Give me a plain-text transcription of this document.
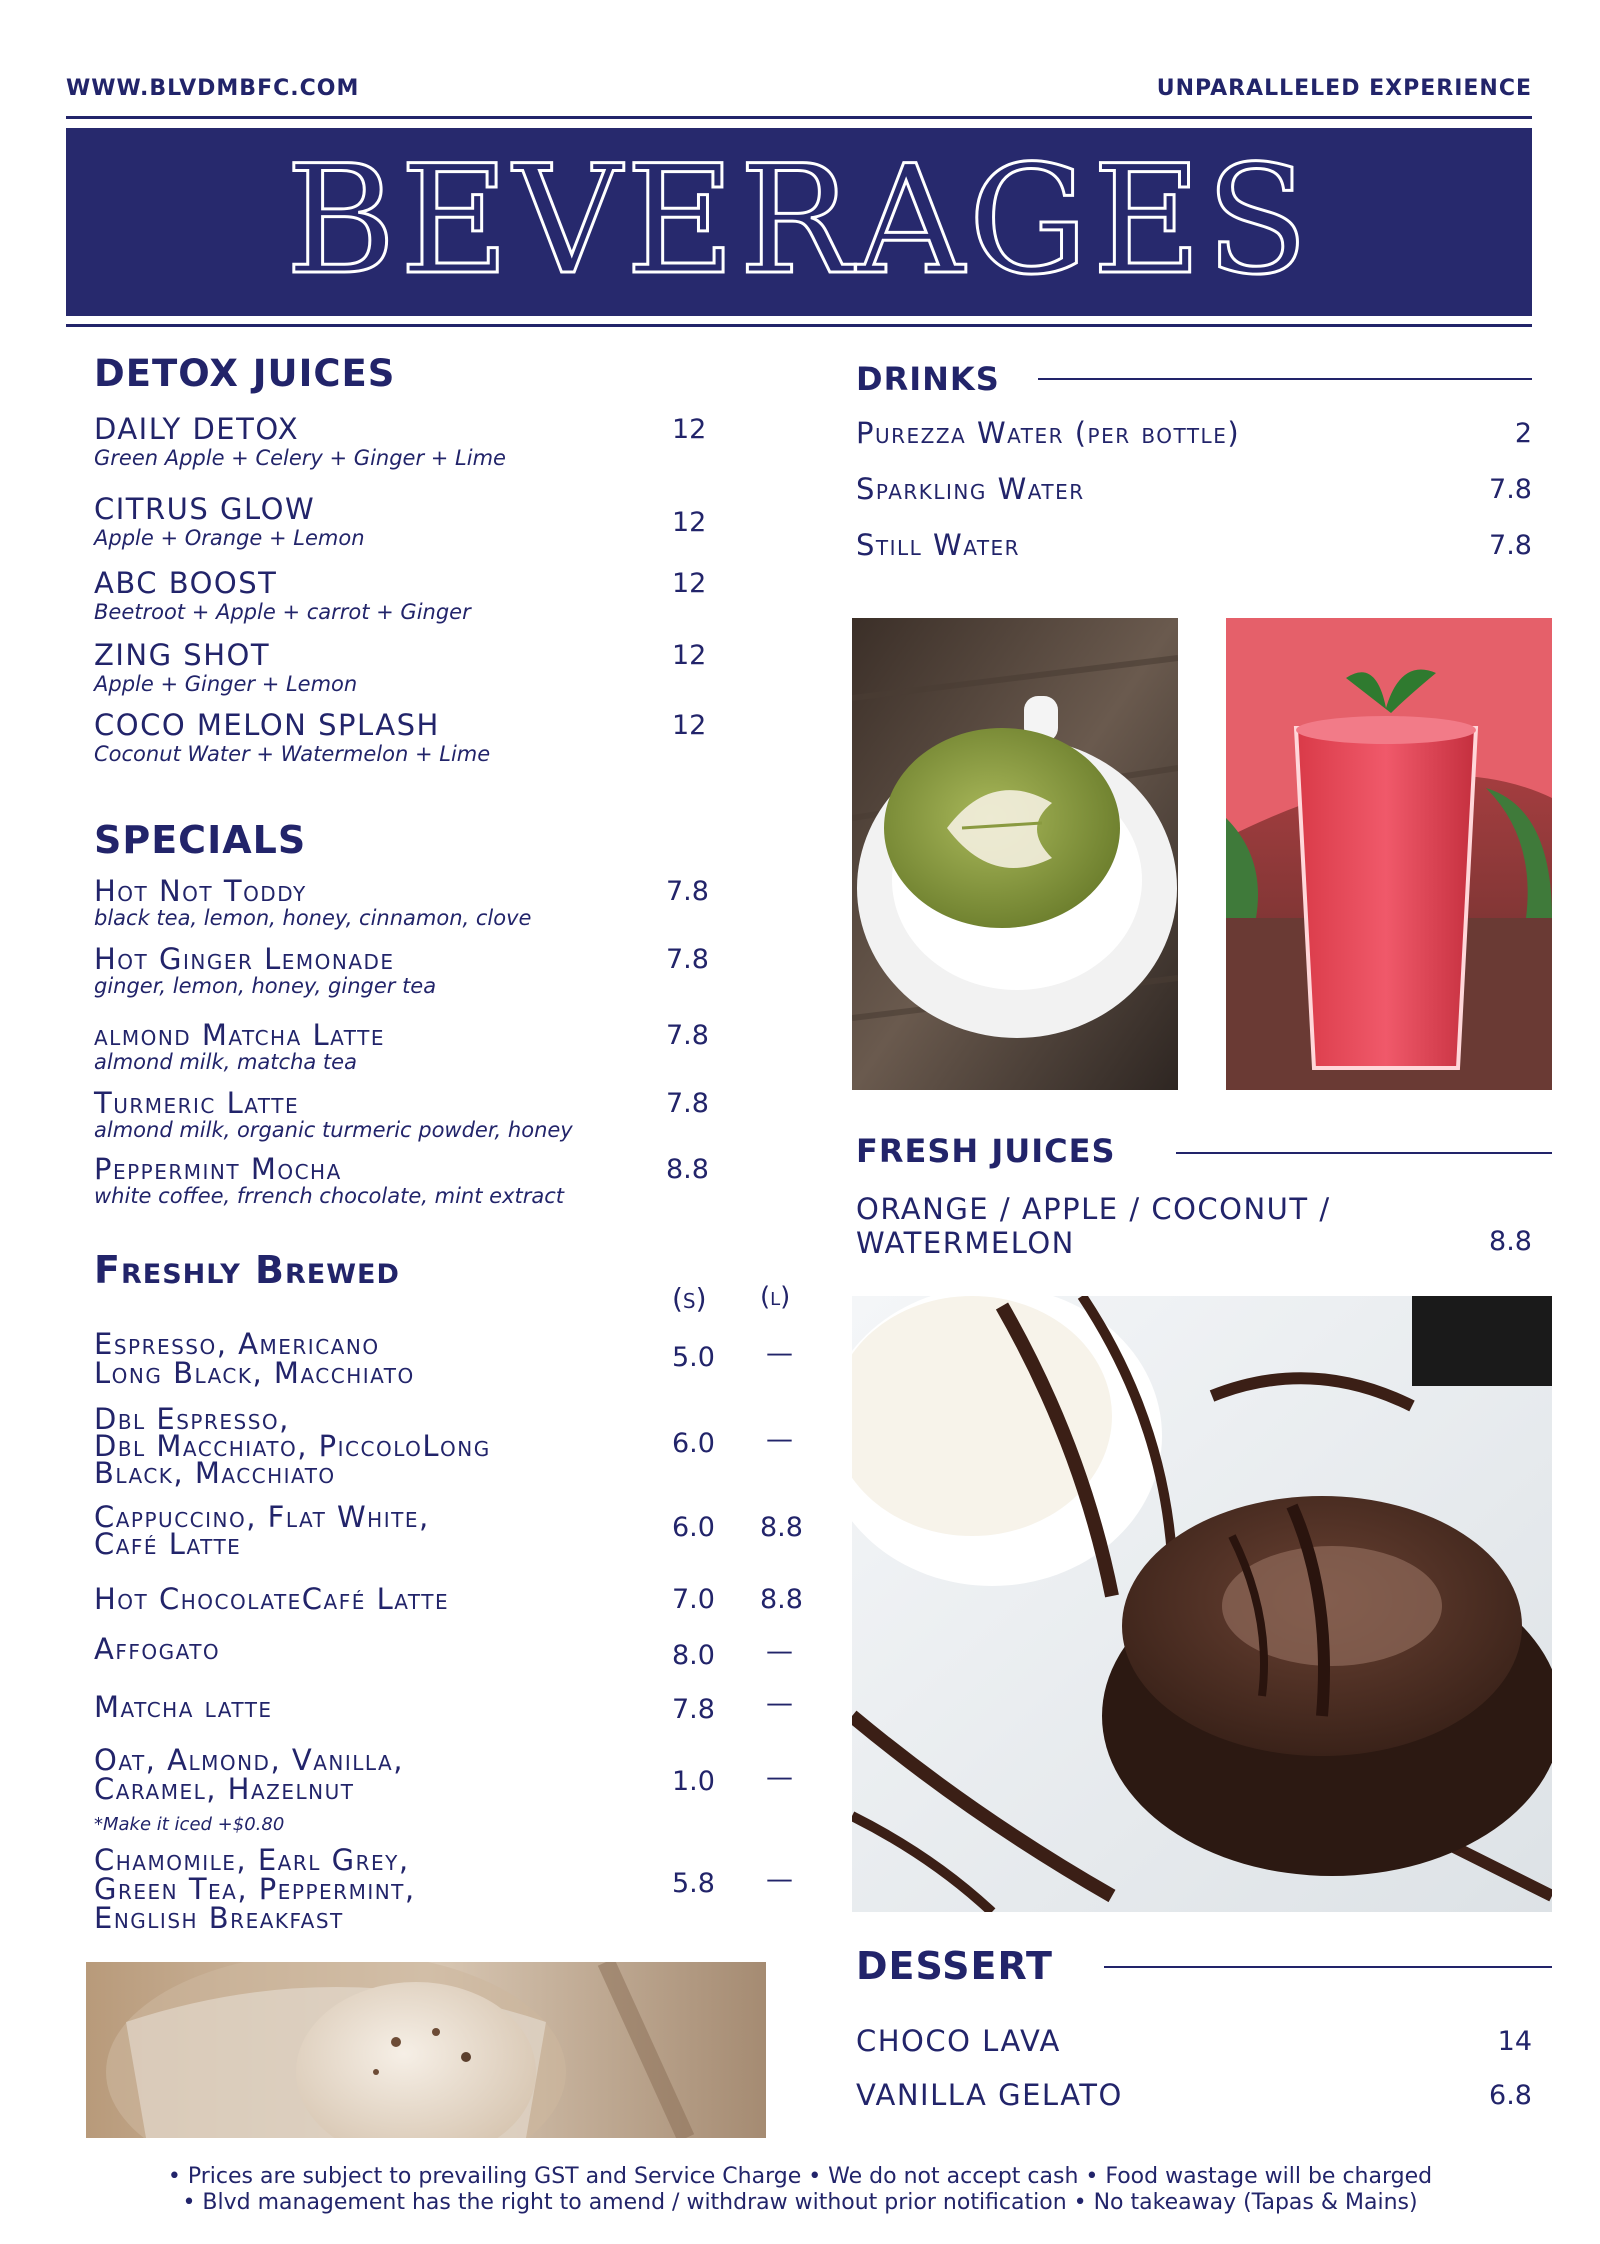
WWW.BLVDMBFC.COM	UNPARALLELED EXPERIENCE
BEVERAGES
DETOX JUICES
DAILY DETOX
Green Apple + Celery + Ginger + Lime
12
CITRUS GLOW
Apple + Orange + Lemon	12
ABC BOOST
Beetroot + Apple + carrot + Ginger
12
ZING SHOT
Apple + Ginger + Lemon
12
COCO MELON SPLASH
Coconut Water + Watermelon + Lime
12
SPECIALS
Hot Not Toddy
black tea, lemon, honey, cinnamon, clove
7.8
Hot Ginger Lemonade
ginger, lemon, honey, ginger tea
7.8
almond Matcha Latte
almond milk, matcha tea
7.8
Turmeric Latte
almond milk, organic turmeric powder, honey
7.8
Peppermint Mocha
white coffee, frrench chocolate, mint extract
8.8
Freshly Brewed
(s) (l)
Espresso, Americano
Long Black, Macchiato	5.0 —
Dbl Espresso,
Dbl Macchiato, PiccoloLong
Black, Macchiato
6.0 —
Cappuccino, Flat White,
Café Latte	6.0 8.8
Hot ChocolateCafé Latte	7.0 8.8
Affogato	8.0 —
Matcha latte	7.8 —
Oat, Almond, Vanilla,
Caramel, Hazelnut	1.0 —
*Make it iced +$0.80
Chamomile, Earl Grey,
Green Tea, Peppermint,
English Breakfast
5.8 —
DRINKS
Purezza Water (per bottle)	2
Sparkling Water	7.8
Still Water	7.8
FRESH JUICES
ORANGE / APPLE / COCONUT /
WATERMELON	8.8
DESSERT
CHOCO LAVA	14
VANILLA GELATO	6.8
• Prices are subject to prevailing GST and Service Charge • We do not accept cash • Food wastage will be charged
• Blvd management has the right to amend / withdraw without prior notification • No takeaway (Tapas & Mains)
